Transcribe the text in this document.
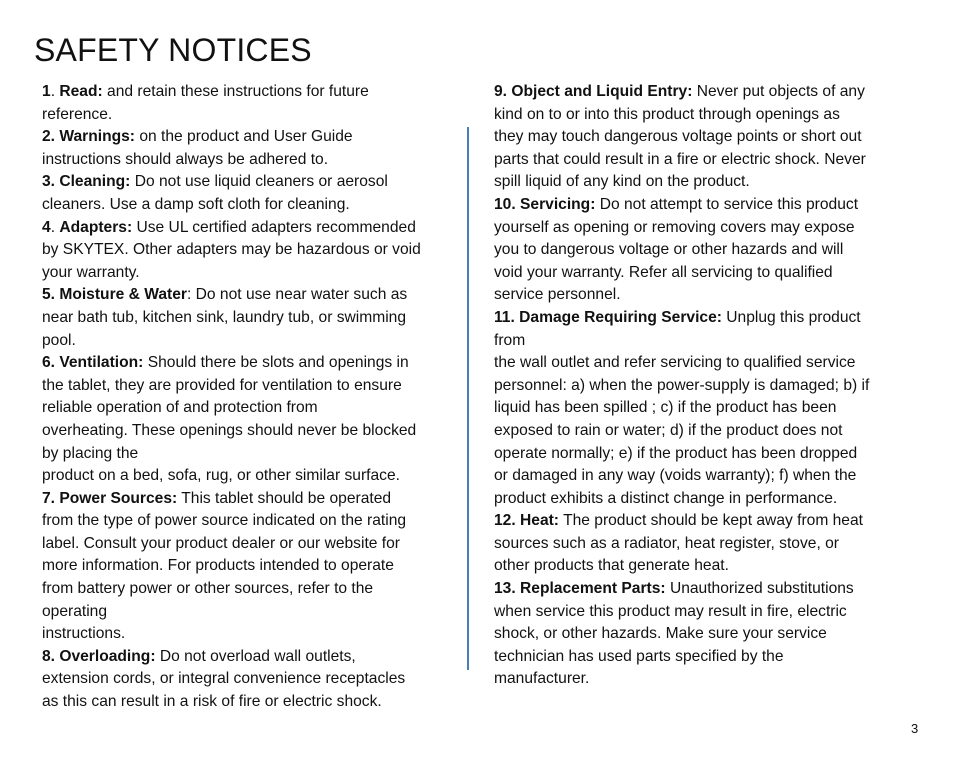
SAFETY NOTICES
1. Read: and retain these instructions for future
reference.
2. Warnings: on the product and User Guide
instructions should always be adhered to.
3. Cleaning: Do not use liquid cleaners or aerosol
cleaners. Use a damp soft cloth for cleaning.
4. Adapters: Use UL certified adapters recommended
by SKYTEX. Other adapters may be hazardous or void
your warranty.
5. Moisture & Water: Do not use near water such as
near bath tub, kitchen sink, laundry tub, or swimming
pool.
6. Ventilation: Should there be slots and openings in
the tablet, they are provided for ventilation to ensure
reliable operation of and protection from
overheating. These openings should never be blocked
by placing the
product on a bed, sofa, rug, or other similar surface.
7. Power Sources: This tablet should be operated
from the type of power source indicated on the rating
label. Consult your product dealer or our website for
more information. For products intended to operate
from battery power or other sources, refer to the
operating
instructions.
8. Overloading: Do not overload wall outlets,
extension cords, or integral convenience receptacles
as this can result in a risk of fire or electric shock.
9. Object and Liquid Entry: Never put objects of any
kind on to or into this product through openings as
they may touch dangerous voltage points or short out
parts that could result in a fire or electric shock. Never
spill liquid of any kind on the product.
10. Servicing: Do not attempt to service this product
yourself as opening or removing covers may expose
you to dangerous voltage or other hazards and will
void your warranty. Refer all servicing to qualified
service personnel.
11. Damage Requiring Service: Unplug this product
from
the wall outlet and refer servicing to qualified service
personnel: a) when the power-supply is damaged; b) if
liquid has been spilled ; c) if the product has been
exposed to rain or water; d) if the product does not
operate normally; e) if the product has been dropped
or damaged in any way (voids warranty); f) when the
product exhibits a distinct change in performance.
12. Heat: The product should be kept away from heat
sources such as a radiator, heat register, stove, or
other products that generate heat.
13. Replacement Parts: Unauthorized substitutions
when service this product may result in fire, electric
shock, or other hazards. Make sure your service
technician has used parts specified by the
manufacturer.
3
